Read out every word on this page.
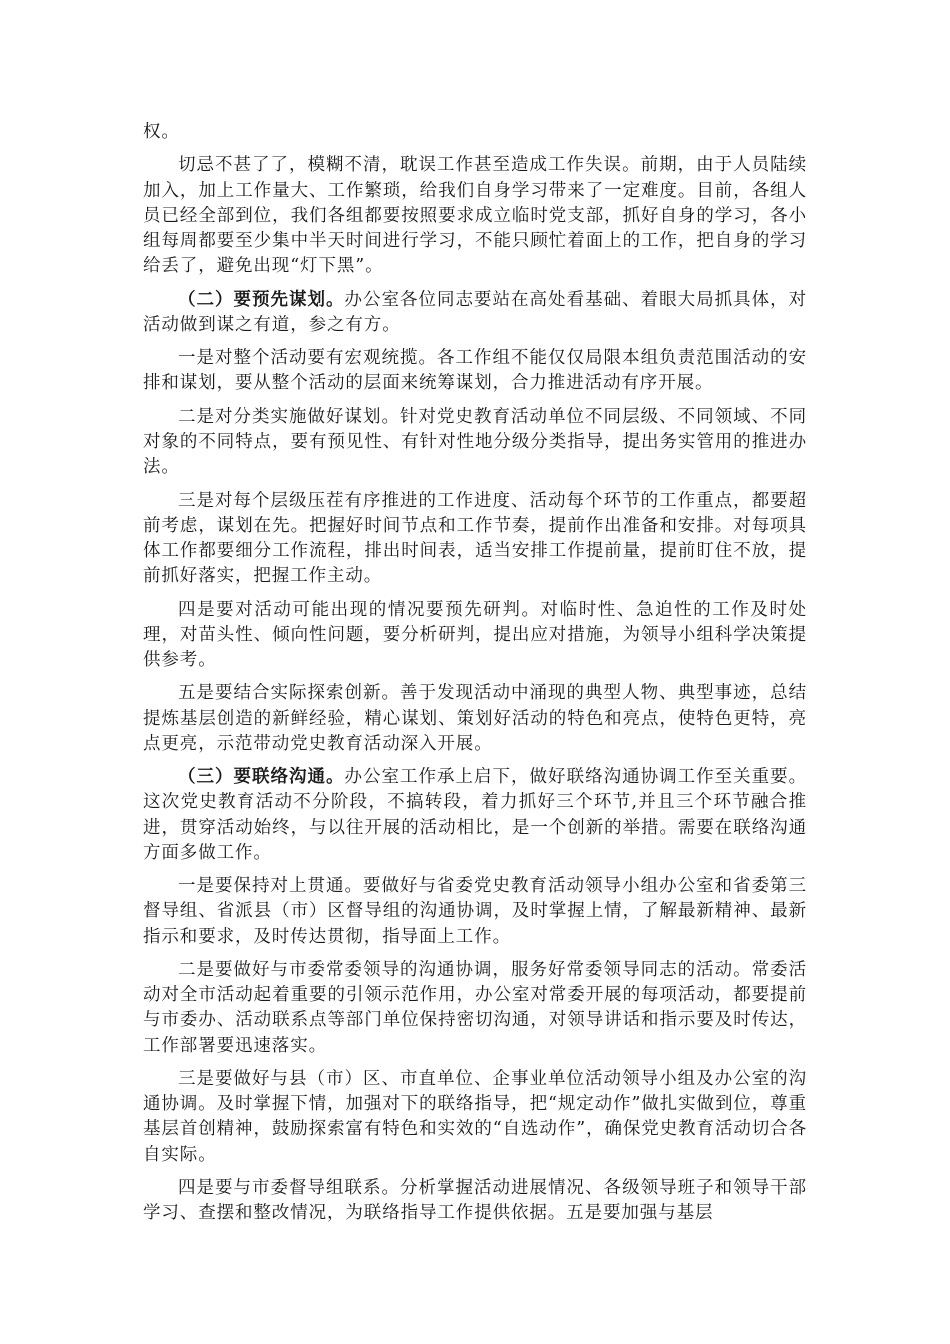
权。

切忌不甚了了，模糊不清，耽误工作甚至造成工作失误。前期，由于人员陆续加入，加上工作量大、工作繁琐，给我们自身学习带来了一定难度。目前，各组人员已经全部到位，我们各组都要按照要求成立临时党支部，抓好自身的学习，各小组每周都要至少集中半天时间进行学习，不能只顾忙着面上的工作，把自身的学习给丢了，避免出现“灯下黑”。

（二）要预先谋划。办公室各位同志要站在高处看基础、着眼大局抓具体，对活动做到谋之有道，参之有方。

一是对整个活动要有宏观统揽。各工作组不能仅仅局限本组负责范围活动的安排和谋划，要从整个活动的层面来统筹谋划，合力推进活动有序开展。

二是对分类实施做好谋划。针对党史教育活动单位不同层级、不同领域、不同对象的不同特点，要有预见性、有针对性地分级分类指导，提出务实管用的推进办法。

三是对每个层级压茬有序推进的工作进度、活动每个环节的工作重点，都要超前考虑，谋划在先。把握好时间节点和工作节奏，提前作出准备和安排。对每项具体工作都要细分工作流程，排出时间表，适当安排工作提前量，提前盯住不放，提前抓好落实，把握工作主动。

四是要对活动可能出现的情况要预先研判。对临时性、急迫性的工作及时处理，对苗头性、倾向性问题，要分析研判，提出应对措施，为领导小组科学决策提供参考。

五是要结合实际探索创新。善于发现活动中涌现的典型人物、典型事迹，总结提炼基层创造的新鲜经验，精心谋划、策划好活动的特色和亮点，使特色更特，亮点更亮，示范带动党史教育活动深入开展。

（三）要联络沟通。办公室工作承上启下，做好联络沟通协调工作至关重要。这次党史教育活动不分阶段，不搞转段，着力抓好三个环节,并且三个环节融合推进，贯穿活动始终，与以往开展的活动相比，是一个创新的举措。需要在联络沟通方面多做工作。

一是要保持对上贯通。要做好与省委党史教育活动领导小组办公室和省委第三督导组、省派县（市）区督导组的沟通协调，及时掌握上情，了解最新精神、最新指示和要求，及时传达贯彻，指导面上工作。

二是要做好与市委常委领导的沟通协调，服务好常委领导同志的活动。常委活动对全市活动起着重要的引领示范作用，办公室对常委开展的每项活动，都要提前与市委办、活动联系点等部门单位保持密切沟通，对领导讲话和指示要及时传达，工作部署要迅速落实。

三是要做好与县（市）区、市直单位、企事业单位活动领导小组及办公室的沟通协调。及时掌握下情，加强对下的联络指导，把“规定动作”做扎实做到位，尊重基层首创精神，鼓励探索富有特色和实效的“自选动作”，确保党史教育活动切合各自实际。

四是要与市委督导组联系。分析掌握活动进展情况、各级领导班子和领导干部学习、查摆和整改情况，为联络指导工作提供依据。五是要加强与基层
